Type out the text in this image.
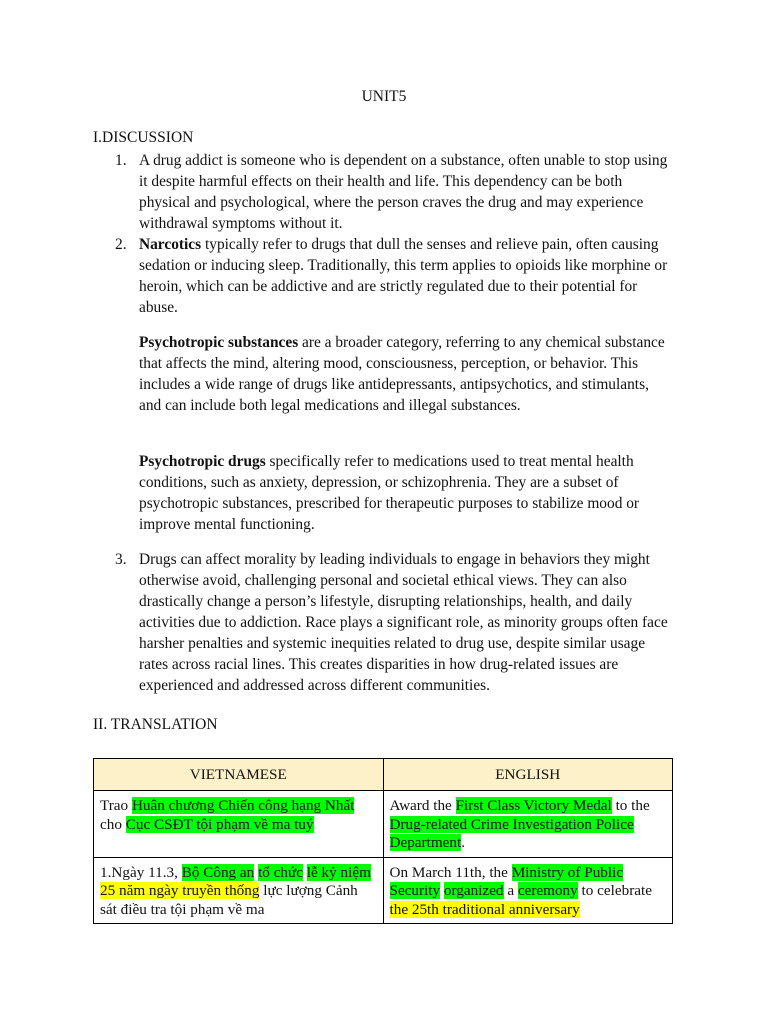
UNIT5
I.DISCUSSION
1. A drug addict is someone who is dependent on a substance, often unable to stop using it despite harmful effects on their health and life. This dependency can be both physical and psychological, where the person craves the drug and may experience withdrawal symptoms without it.
2. Narcotics typically refer to drugs that dull the senses and relieve pain, often causing sedation or inducing sleep. Traditionally, this term applies to opioids like morphine or heroin, which can be addictive and are strictly regulated due to their potential for abuse.
Psychotropic substances are a broader category, referring to any chemical substance that affects the mind, altering mood, consciousness, perception, or behavior. This includes a wide range of drugs like antidepressants, antipsychotics, and stimulants, and can include both legal medications and illegal substances.
Psychotropic drugs specifically refer to medications used to treat mental health conditions, such as anxiety, depression, or schizophrenia. They are a subset of psychotropic substances, prescribed for therapeutic purposes to stabilize mood or improve mental functioning.
3. Drugs can affect morality by leading individuals to engage in behaviors they might otherwise avoid, challenging personal and societal ethical views. They can also drastically change a person’s lifestyle, disrupting relationships, health, and daily activities due to addiction. Race plays a significant role, as minority groups often face harsher penalties and systemic inequities related to drug use, despite similar usage rates across racial lines. This creates disparities in how drug-related issues are experienced and addressed across different communities.
II. TRANSLATION
VIETNAMESE	ENGLISH
Trao Huân chương Chiến công hạng Nhất cho Cục CSĐT tội phạm về ma tuý	Award the First Class Victory Medal to the Drug-related Crime Investigation Police Department.
1.Ngày 11.3, Bộ Công an tổ chức lễ kỷ niệm 25 năm ngày truyền thống lực lượng Cảnh sát điều tra tội phạm về ma	On March 11th, the Ministry of Public Security organized a ceremony to celebrate the 25th traditional anniversary
